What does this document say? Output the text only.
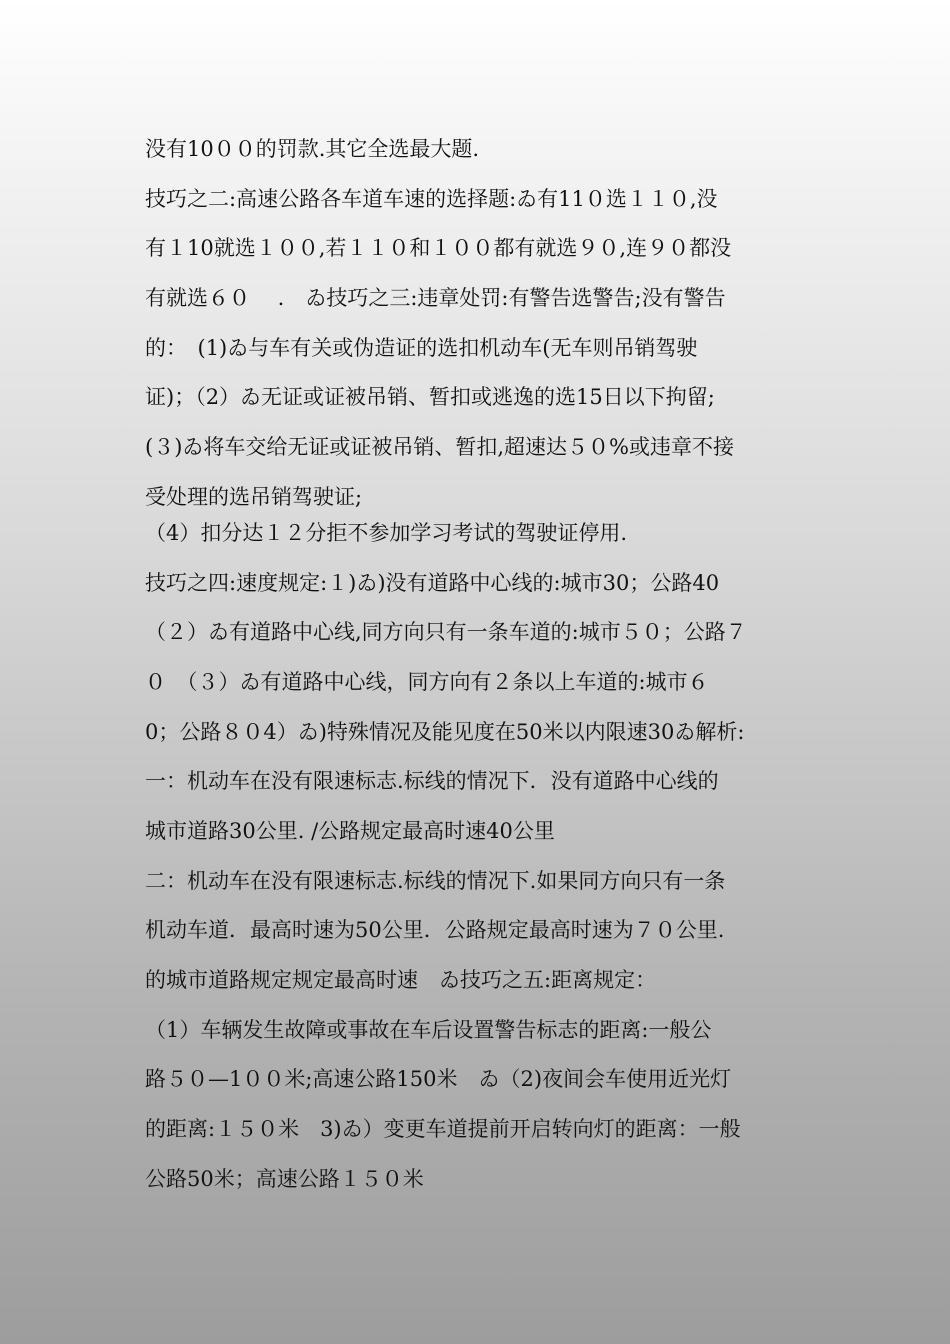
没有10００的罚款.其它全选最大题.
技巧之二:高速公路各车道车速的选择题:ゐ有11０选１１０,没
有１10就选１００,若１１０和１００都有就选９０,连９０都没
有就选６０　 .　ゐ技巧之三:违章处罚:有警告选警告;没有警告
的：　(1)ゐ与车有关或伪造证的选扣机动车(无车则吊销驾驶
证)；（2）ゐ无证或证被吊销、暂扣或逃逸的选15日以下拘留;
(３)ゐ将车交给无证或证被吊销、暂扣,超速达５０%或违章不接
受处理的选吊销驾驶证;
（4）扣分达１２分拒不参加学习考试的驾驶证停用.
技巧之四:速度规定:１)ゐ)没有道路中心线的:城市30；公路40
（２）ゐ有道路中心线,同方向只有一条车道的:城市５０；公路７
０　（３）ゐ有道路中心线，同方向有２条以上车道的:城市６
0；公路８０4）ゐ)特殊情况及能见度在50米以内限速30ゐ解析:
一：机动车在没有限速标志.标线的情况下．没有道路中心线的
城市道路30公里. /公路规定最高时速40公里
二：机动车在没有限速标志.标线的情况下.如果同方向只有一条
机动车道．最高时速为50公里．公路规定最高时速为７０公里.
的城市道路规定规定最高时速　ゐ技巧之五:距离规定：
（1）车辆发生故障或事故在车后设置警告标志的距离:一般公
路５０—1００米;高速公路150米　ゐ（2)夜间会车使用近光灯
的距离:１５０米　3)ゐ）变更车道提前开启转向灯的距离：一般
公路50米；高速公路１５０米
